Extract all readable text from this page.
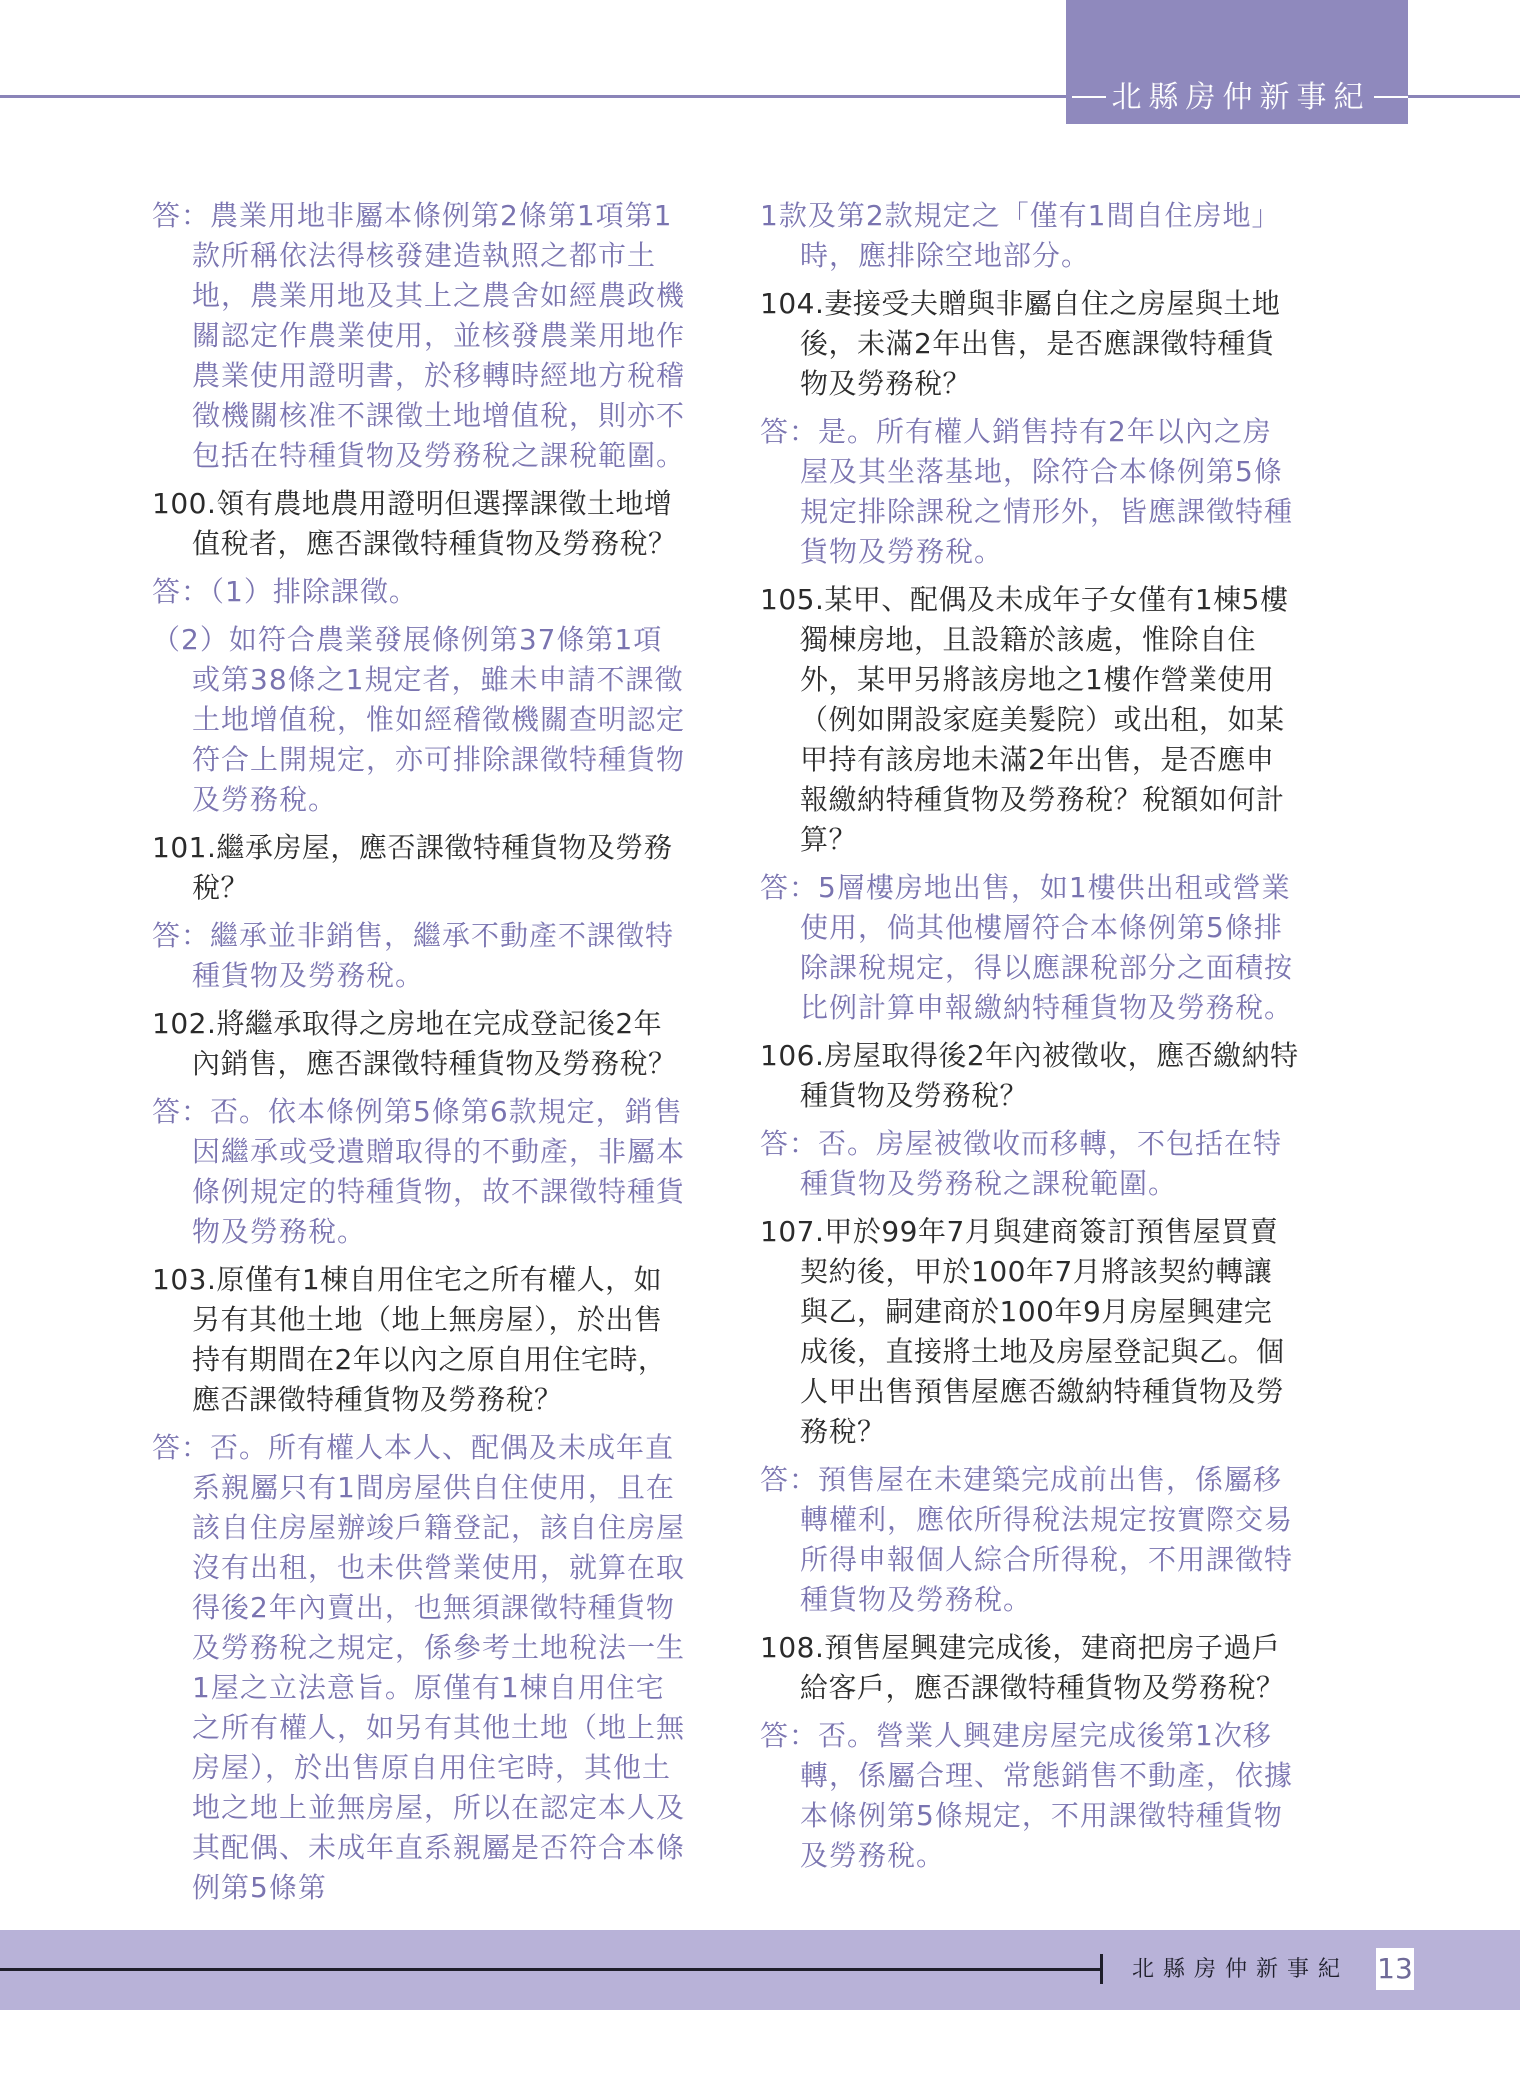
北縣房仲新事紀

答：農業用地非屬本條例第2條第1項第1款所稱依法得核發建造執照之都市土地，農業用地及其上之農舍如經農政機關認定作農業使用，並核發農業用地作農業使用證明書，於移轉時經地方稅稽徵機關核准不課徵土地增值稅，則亦不包括在特種貨物及勞務稅之課稅範圍。

100.領有農地農用證明但選擇課徵土地增值稅者，應否課徵特種貨物及勞務稅？

答：（1）排除課徵。

（2）如符合農業發展條例第37條第1項或第38條之1規定者，雖未申請不課徵土地增值稅，惟如經稽徵機關查明認定符合上開規定，亦可排除課徵特種貨物及勞務稅。

101.繼承房屋，應否課徵特種貨物及勞務稅？

答：繼承並非銷售，繼承不動產不課徵特種貨物及勞務稅。

102.將繼承取得之房地在完成登記後2年內銷售，應否課徵特種貨物及勞務稅？

答：否。依本條例第5條第6款規定，銷售因繼承或受遺贈取得的不動產，非屬本條例規定的特種貨物，故不課徵特種貨物及勞務稅。

103.原僅有1棟自用住宅之所有權人，如另有其他土地（地上無房屋），於出售持有期間在2年以內之原自用住宅時，應否課徵特種貨物及勞務稅？

答：否。所有權人本人、配偶及未成年直系親屬只有1間房屋供自住使用，且在該自住房屋辦竣戶籍登記，該自住房屋沒有出租，也未供營業使用，就算在取得後2年內賣出，也無須課徵特種貨物及勞務稅之規定，係參考土地稅法一生1屋之立法意旨。原僅有1棟自用住宅之所有權人，如另有其他土地（地上無房屋），於出售原自用住宅時，其他土地之地上並無房屋，所以在認定本人及其配偶、未成年直系親屬是否符合本條例第5條第

1款及第2款規定之「僅有1間自住房地」時，應排除空地部分。

104.妻接受夫贈與非屬自住之房屋與土地後，未滿2年出售，是否應課徵特種貨物及勞務稅？

答：是。所有權人銷售持有2年以內之房屋及其坐落基地，除符合本條例第5條規定排除課稅之情形外，皆應課徵特種貨物及勞務稅。

105.某甲、配偶及未成年子女僅有1棟5樓獨棟房地，且設籍於該處，惟除自住外，某甲另將該房地之1樓作營業使用（例如開設家庭美髮院）或出租，如某甲持有該房地未滿2年出售，是否應申報繳納特種貨物及勞務稅？稅額如何計算？

答：5層樓房地出售，如1樓供出租或營業使用，倘其他樓層符合本條例第5條排除課稅規定，得以應課稅部分之面積按比例計算申報繳納特種貨物及勞務稅。

106.房屋取得後2年內被徵收，應否繳納特種貨物及勞務稅？

答：否。房屋被徵收而移轉，不包括在特種貨物及勞務稅之課稅範圍。

107.甲於99年7月與建商簽訂預售屋買賣契約後，甲於100年7月將該契約轉讓與乙，嗣建商於100年9月房屋興建完成後，直接將土地及房屋登記與乙。個人甲出售預售屋應否繳納特種貨物及勞務稅？

答：預售屋在未建築完成前出售，係屬移轉權利，應依所得稅法規定按實際交易所得申報個人綜合所得稅，不用課徵特種貨物及勞務稅。

108.預售屋興建完成後，建商把房子過戶給客戶，應否課徵特種貨物及勞務稅？

答：否。營業人興建房屋完成後第1次移轉，係屬合理、常態銷售不動產，依據本條例第5條規定，不用課徵特種貨物及勞務稅。

北縣房仲新事紀 13
